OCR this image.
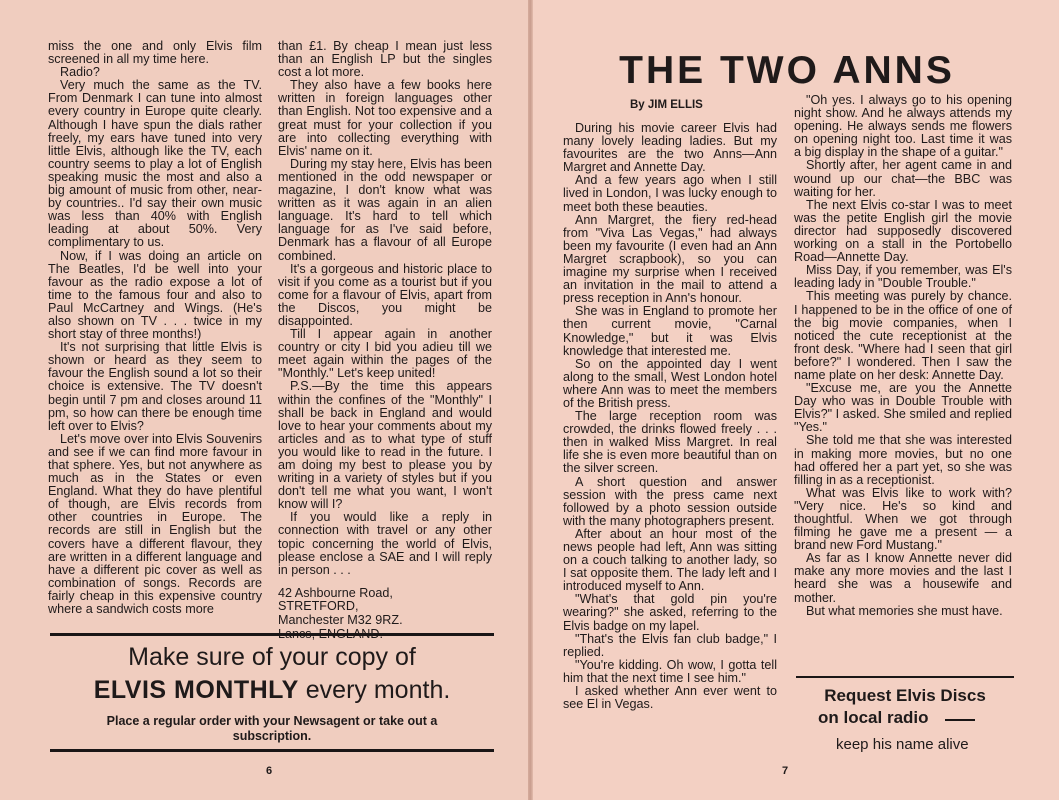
miss the one and only Elvis film screened in all my time here.

Radio?

Very much the same as the TV. From Denmark I can tune into almost every country in Europe quite clearly. Although I have spun the dials rather freely, my ears have tuned into very little Elvis, although like the TV, each country seems to play a lot of English speaking music the most and also a big amount of music from other, near-by countries.. I'd say their own music was less than 40% with English leading at about 50%. Very complimentary to us.

Now, if I was doing an article on The Beatles, I'd be well into your favour as the radio expose a lot of time to the famous four and also to Paul McCartney and Wings. (He's also shown on TV . . . twice in my short stay of three months!)

It's not surprising that little Elvis is shown or heard as they seem to favour the English sound a lot so their choice is extensive. The TV doesn't begin until 7 pm and closes around 11 pm, so how can there be enough time left over to Elvis?

Let's move over into Elvis Souvenirs and see if we can find more favour in that sphere. Yes, but not anywhere as much as in the States or even England. What they do have plentiful of though, are Elvis records from other countries in Europe. The records are still in English but the covers have a different flavour, they are written in a different language and have a different pic cover as well as combination of songs. Records are fairly cheap in this expensive country where a sandwich costs more

than £1. By cheap I mean just less than an English LP but the singles cost a lot more.

They also have a few books here written in foreign languages other than English. Not too expensive and a great must for your collection if you are into collecting everything with Elvis' name on it.

During my stay here, Elvis has been mentioned in the odd newspaper or magazine, I don't know what was written as it was again in an alien language. It's hard to tell which language for as I've said before, Denmark has a flavour of all Europe combined.

It's a gorgeous and historic place to visit if you come as a tourist but if you come for a flavour of Elvis, apart from the Discos, you might be disappointed.

Till I appear again in another country or city I bid you adieu till we meet again within the pages of the "Monthly." Let's keep united!

P.S.—By the time this appears within the confines of the "Monthly" I shall be back in England and would love to hear your comments about my articles and as to what type of stuff you would like to read in the future. I am doing my best to please you by writing in a variety of styles but if you don't tell me what you want, I won't know will I?

If you would like a reply in connection with travel or any other topic concerning the world of Elvis, please enclose a SAE and I will reply in person . . .

42 Ashbourne Road,
STRETFORD,
Manchester M32 9RZ.

Make sure of your copy of
ELVIS MONTHLY every month.
Place a regular order with your Newsagent or take out a subscription.
6
THE TWO ANNS
By JIM ELLIS

During his movie career Elvis had many lovely leading ladies. But my favourites are the two Anns—Ann Margret and Annette Day.

And a few years ago when I still lived in London, I was lucky enough to meet both these beauties.

Ann Margret, the fiery red-head from "Viva Las Vegas," had always been my favourite (I even had an Ann Margret scrapbook), so you can imagine my surprise when I received an invitation in the mail to attend a press reception in Ann's honour.

She was in England to promote her then current movie, "Carnal Knowledge," but it was Elvis knowledge that interested me.

So on the appointed day I went along to the small, West London hotel where Ann was to meet the members of the British press.

The large reception room was crowded, the drinks flowed freely . . . then in walked Miss Margret. In real life she is even more beautiful than on the silver screen.

A short question and answer session with the press came next followed by a photo session outside with the many photographers present.

After about an hour most of the news people had left, Ann was sitting on a couch talking to another lady, so I sat opposite them. The lady left and I introduced myself to Ann.

"What's that gold pin you're wearing?" she asked, referring to the Elvis badge on my lapel.

"That's the Elvis fan club badge," I replied.

"You're kidding. Oh wow, I gotta tell him that the next time I see him."

I asked whether Ann ever went to see El in Vegas.

"Oh yes. I always go to his opening night show. And he always attends my opening. He always sends me flowers on opening night too. Last time it was a big display in the shape of a guitar."

Shortly after, her agent came in and wound up our chat—the BBC was waiting for her.

The next Elvis co-star I was to meet was the petite English girl the movie director had supposedly discovered working on a stall in the Portobello Road—Annette Day.

Miss Day, if you remember, was El's leading lady in "Double Trouble."

This meeting was purely by chance. I happened to be in the office of one of the big movie companies, when I noticed the cute receptionist at the front desk. "Where had I seen that girl before?" I wondered. Then I saw the name plate on her desk: Annette Day.

"Excuse me, are you the Annette Day who was in Double Trouble with Elvis?" I asked. She smiled and replied "Yes."

She told me that she was interested in making more movies, but no one had offered her a part yet, so she was filling in as a receptionist.

What was Elvis like to work with? "Very nice. He's so kind and thoughtful. When we got through filming he gave me a present — a brand new Ford Mustang."

As far as I know Annette never did make any more movies and the last I heard she was a housewife and mother.

But what memories she must have.

Request Elvis Discs
on local radio
keep his name alive
7
